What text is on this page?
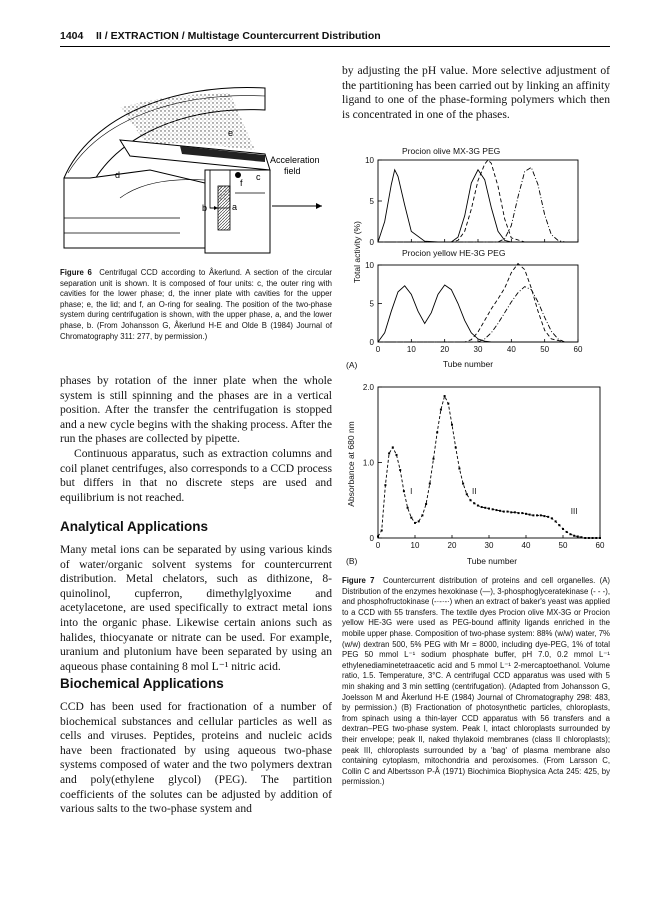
1404 II / EXTRACTION / Multistage Countercurrent Distribution
e
d	c
f
b	a
Acceleration
field
Figure 6 Centrifugal CCD according to Åkerlund. A section of the circular separation unit is shown. It is composed of four units: c, the outer ring with cavities for the lower phase; d, the inner plate with cavities for the upper phase; e, the lid; and f, an O-ring for sealing. The position of the two-phase system during centrifugation is shown, with the upper phase, a, and the lower phase, b. (From Johansson G, Åkerlund H-E and Olde B (1984) Journal of Chromatography 311: 277, by permission.)

phases by rotation of the inner plate when the whole system is still spinning and the phases are in a vertical position. After the transfer the centrifugation is stopped and a new cycle begins with the shaking process. After the run the phases are collected by pipette.

Continuous apparatus, such as extraction columns and coil planet centrifuges, also corresponds to a CCD process but differs in that no discrete steps are used and equilibrium is not reached.

Analytical Applications

Many metal ions can be separated by using various kinds of water/organic solvent systems for countercurrent distribution. Metal chelators, such as dithizone, 8-quinolinol, cupferron, dimethylglyoxime and acetylacetone, are used specifically to extract metal ions into the organic phase. Likewise certain anions such as halides, thiocyanate or nitrate can be used. For example, uranium and plutonium have been separated by using an aqueous phase containing 8 mol L⁻¹ nitric acid.

Biochemical Applications

CCD has been used for fractionation of a number of biochemical substances and cellular particles as well as cells and viruses. Peptides, proteins and nucleic acids have been fractionated by using aqueous two-phase systems composed of water and the two polymers dextran and poly(ethylene glycol) (PEG). The partition coefficients of the solutes can be adjusted by addition of various salts to the two-phase system and

by adjusting the pH value. More selective adjustment of the partitioning has been carried out by linking an affinity ligand to one of the phase-forming polymers which then is concentrated in one of the phases.

0
5
10
Procion olive MX-3G PEG
0
5
10
0	10	20	30	40	50	60
Procion yellow HE-3G PEG
0
1.0
2.0
0	10	20	30	40	50	60
I	II
III
Tube number
Tube number
Total activity (%)
Absorbance at 680 nm
(A)
(B)
Figure 7 Countercurrent distribution of proteins and cell organelles. (A) Distribution of the enzymes hexokinase (—), 3-phosphoglyceratekinase (- - -), and phosphofructokinase (-·-·-·) when an extract of baker's yeast was applied to a CCD with 55 transfers. The textile dyes Procion olive MX-3G or Procion yellow HE-3G were used as PEG-bound affinity ligands enriched in the mobile upper phase. Composition of two-phase system: 88% (w/w) water, 7% (w/w) dextran 500, 5% PEG with Mr = 8000, including dye-PEG, 1% of total PEG 50 mmol L⁻¹ sodium phosphate buffer, pH 7.0, 0.2 mmol L⁻¹ ethylenediaminetetraacetic acid and 5 mmol L⁻¹ 2-mercaptoethanol. Volume ratio, 1.5. Temperature, 3°C. A centrifugal CCD apparatus was used with 5 min shaking and 3 min settling (centrifugation). (Adapted from Johansson G, Joelsson M and Åkerlund H-E (1984) Journal of Chromatography 298: 483, by permission.) (B) Fractionation of photosynthetic particles, chloroplasts, from spinach using a thin-layer CCD apparatus with 56 transfers and a dextran–PEG two-phase system. Peak I, intact chloroplasts surrounded by their envelope; peak II, naked thylakoid membranes (class II chloroplasts); peak III, chloroplasts surrounded by a 'bag' of plasma membrane also containing cytoplasm, mitochondria and peroxisomes. (From Larsson C, Collin C and Albertsson P-Å (1971) Biochimica Biophysica Acta 245: 425, by permission.)
